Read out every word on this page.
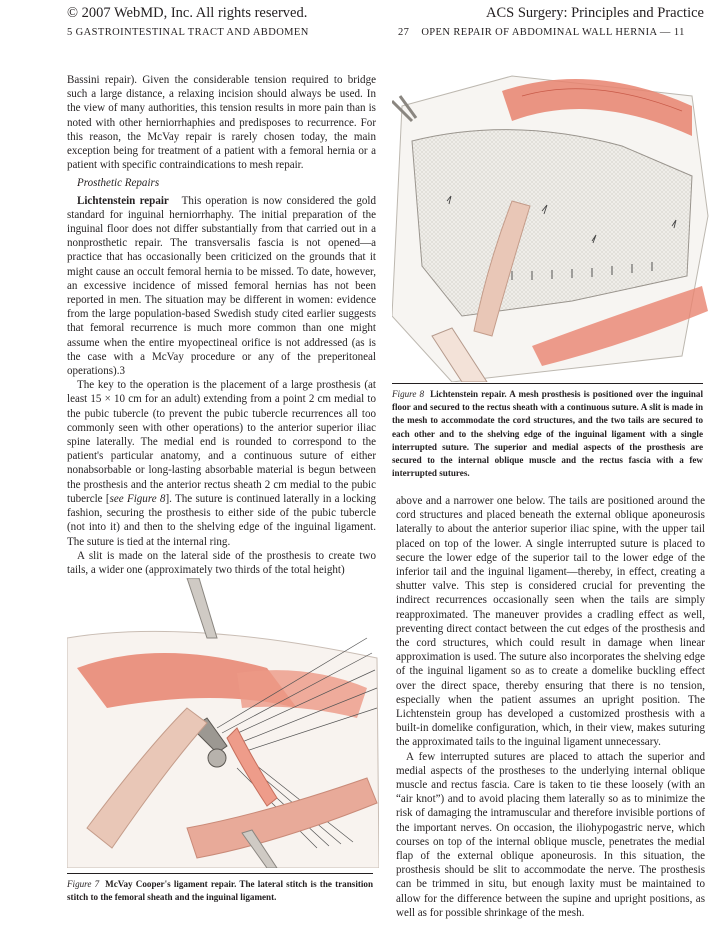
© 2007 WebMD, Inc. All rights reserved.	ACS Surgery: Principles and Practice
5 GASTROINTESTINAL TRACT AND ABDOMEN	27 OPEN REPAIR OF ABDOMINAL WALL HERNIA — 11

Bassini repair). Given the considerable tension required to bridge such a large distance, a relaxing incision should always be used. In the view of many authorities, this tension results in more pain than is noted with other herniorrhaphies and predisposes to recurrence. For this reason, the McVay repair is rarely chosen today, the main exception being for treatment of a patient with a femoral hernia or a patient with specific contraindications to mesh repair.

Prosthetic Repairs

Lichtenstein repair This operation is now considered the gold standard for inguinal herniorrhaphy. The initial preparation of the inguinal floor does not differ substantially from that carried out in a nonprosthetic repair. The transversalis fascia is not opened—a practice that has occasionally been criticized on the grounds that it might cause an occult femoral hernia to be missed. To date, however, an excessive incidence of missed femoral hernias has not been reported in men. The situation may be different in women: evidence from the large population-based Swedish study cited earlier suggests that femoral recurrence is much more common than one might assume when the entire myopectineal orifice is not addressed (as is the case with a McVay procedure or any of the preperitoneal operations).3

The key to the operation is the placement of a large prosthesis (at least 15 × 10 cm for an adult) extending from a point 2 cm medial to the pubic tubercle (to prevent the pubic tubercle recurrences all too commonly seen with other operations) to the anterior superior iliac spine laterally. The medial end is rounded to correspond to the patient's particular anatomy, and a continuous suture of either nonabsorbable or long-lasting absorbable material is begun between the prosthesis and the anterior rectus sheath 2 cm medial to the pubic tubercle [see Figure 8]. The suture is continued laterally in a locking fashion, securing the prosthesis to either side of the pubic tubercle (not into it) and then to the shelving edge of the inguinal ligament. The suture is tied at the internal ring.

A slit is made on the lateral side of the prosthesis to create two tails, a wider one (approximately two thirds of the total height)

Figure 8 Lichtenstein repair. A mesh prosthesis is positioned over the inguinal floor and secured to the rectus sheath with a continuous suture. A slit is made in the mesh to accommodate the cord structures, and the two tails are secured to each other and to the shelving edge of the inguinal ligament with a single interrupted suture. The superior and medial aspects of the prosthesis are secured to the internal oblique muscle and the rectus fascia with a few interrupted sutures.

above and a narrower one below. The tails are positioned around the cord structures and placed beneath the external oblique aponeurosis laterally to about the anterior superior iliac spine, with the upper tail placed on top of the lower. A single interrupted suture is placed to secure the lower edge of the superior tail to the lower edge of the inferior tail and the inguinal ligament—thereby, in effect, creating a shutter valve. This step is considered crucial for preventing the indirect recurrences occasionally seen when the tails are simply reapproximated. The maneuver provides a cradling effect as well, preventing direct contact between the cut edges of the prosthesis and the cord structures, which could result in damage when linear approximation is used. The suture also incorporates the shelving edge of the inguinal ligament so as to create a domelike buckling effect over the direct space, thereby ensuring that there is no tension, especially when the patient assumes an upright position. The Lichtenstein group has developed a customized prosthesis with a built-in domelike configuration, which, in their view, makes suturing the approximated tails to the inguinal ligament unnecessary.

A few interrupted sutures are placed to attach the superior and medial aspects of the prostheses to the underlying internal oblique muscle and rectus fascia. Care is taken to tie these loosely (with an “air knot”) and to avoid placing them laterally so as to minimize the risk of damaging the intramuscular and therefore invisible portions of the important nerves. On occasion, the iliohypogastric nerve, which courses on top of the internal oblique muscle, penetrates the medial flap of the external oblique aponeurosis. In this situation, the prosthesis should be slit to accommodate the nerve. The prosthesis can be trimmed in situ, but enough laxity must be maintained to allow for the difference between the supine and upright positions, as well as for possible shrinkage of the mesh.

Figure 7 McVay Cooper's ligament repair. The lateral stitch is the transition stitch to the femoral sheath and the inguinal ligament.
